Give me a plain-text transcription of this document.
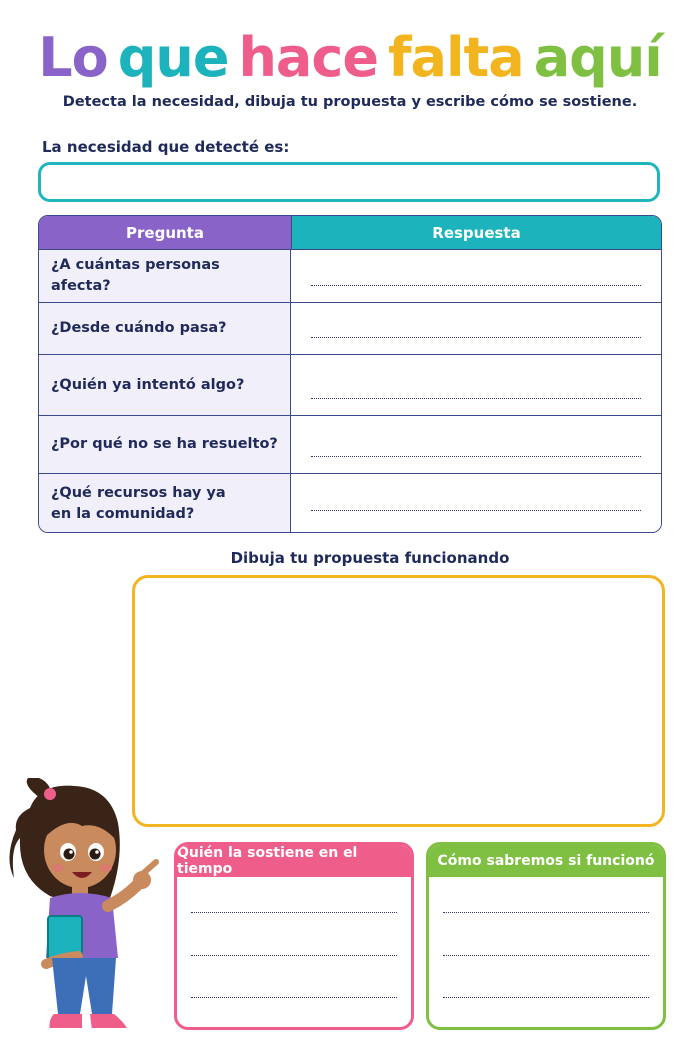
Lo que hace falta aquí
Detecta la necesidad, dibuja tu propuesta y escribe cómo se sostiene.
La necesidad que detecté es:
Pregunta	Respuesta
¿A cuántas personas afecta?
¿Desde cuándo pasa?
¿Quién ya intentó algo?
¿Por qué no se ha resuelto?
¿Qué recursos hay ya en la comunidad?
Dibuja tu propuesta funcionando
Quién la sostiene en el tiempo	Cómo sabremos si funcionó
